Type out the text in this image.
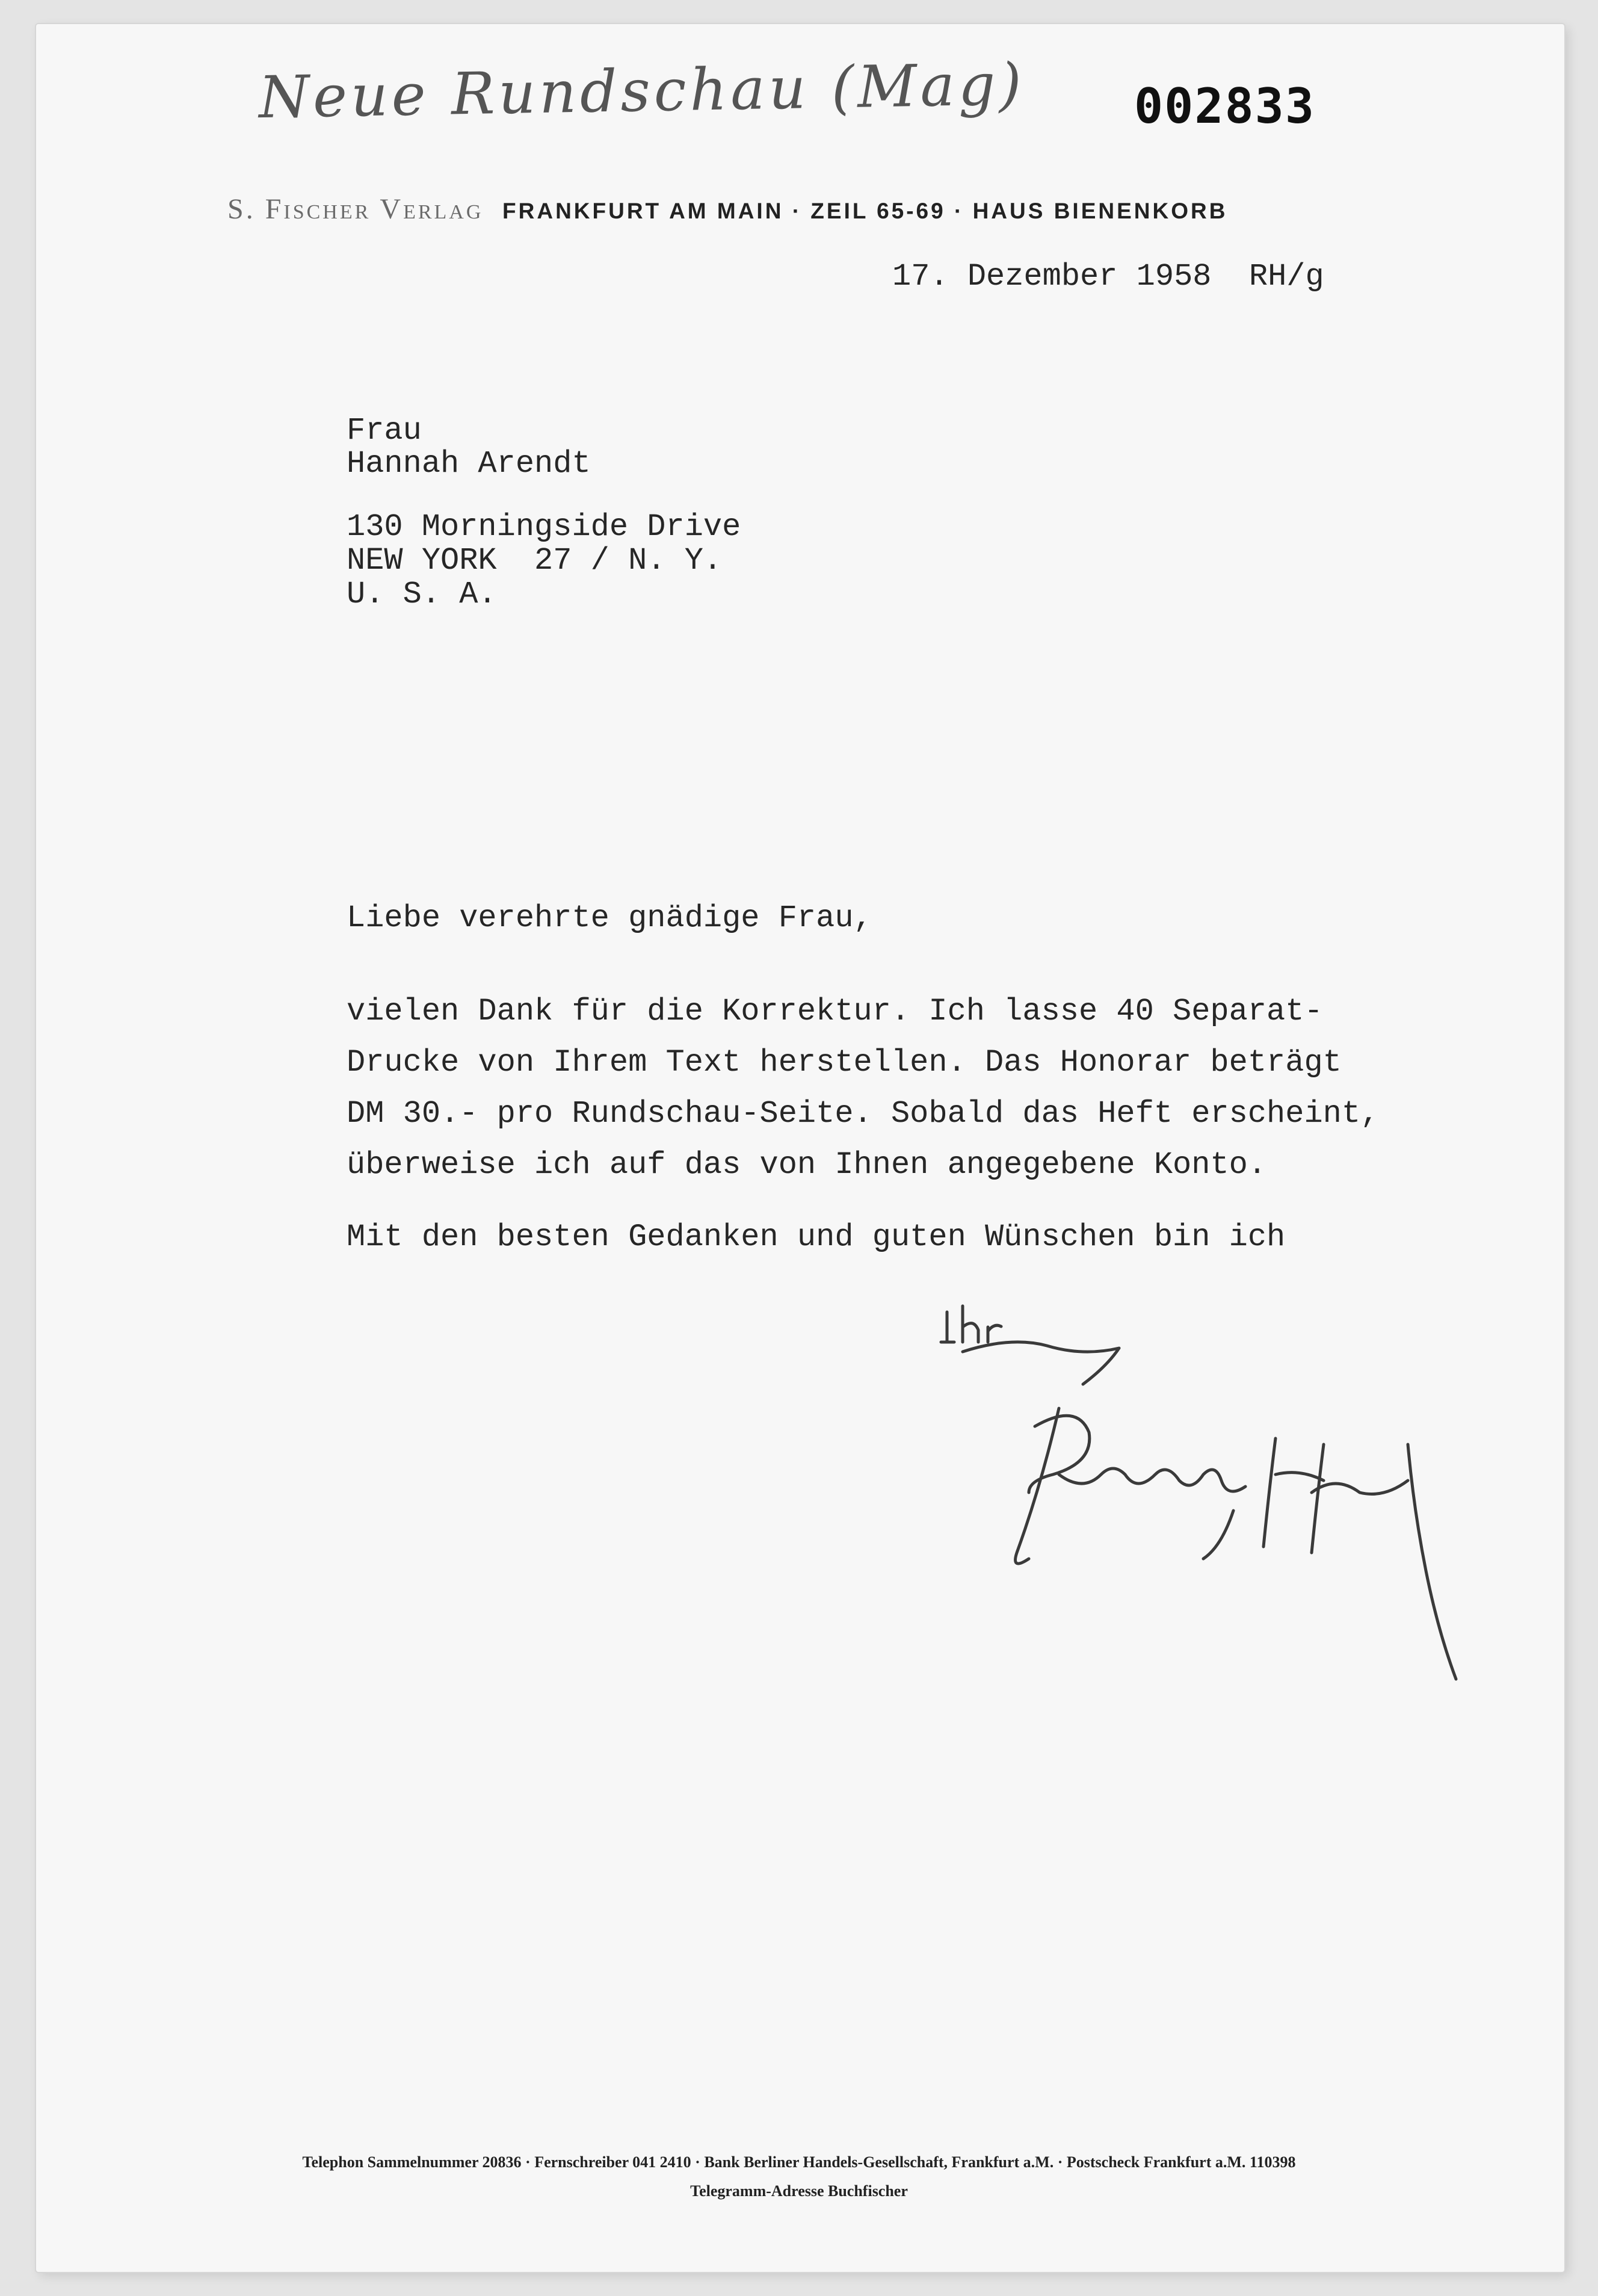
Neue Rundschau (Mag) 002833
S. Fischer Verlag FRANKFURT AM MAIN · ZEIL 65-69 · HAUS BIENENKORB
17. Dezember 1958  RH/g
Frau
Hannah Arendt
130 Morningside Drive
NEW YORK  27 / N. Y.
U. S. A.
Liebe verehrte gnädige Frau,
vielen Dank für die Korrektur. Ich lasse 40 Separat-
Drucke von Ihrem Text herstellen. Das Honorar beträgt
DM 30.- pro Rundschau-Seite. Sobald das Heft erscheint,
überweise ich auf das von Ihnen angegebene Konto.
Mit den besten Gedanken und guten Wünschen bin ich
Telephon Sammelnummer 20836 · Fernschreiber 041 2410 · Bank Berliner Handels-Gesellschaft, Frankfurt a.M. · Postscheck Frankfurt a.M. 110398
Telegramm-Adresse Buchfischer
